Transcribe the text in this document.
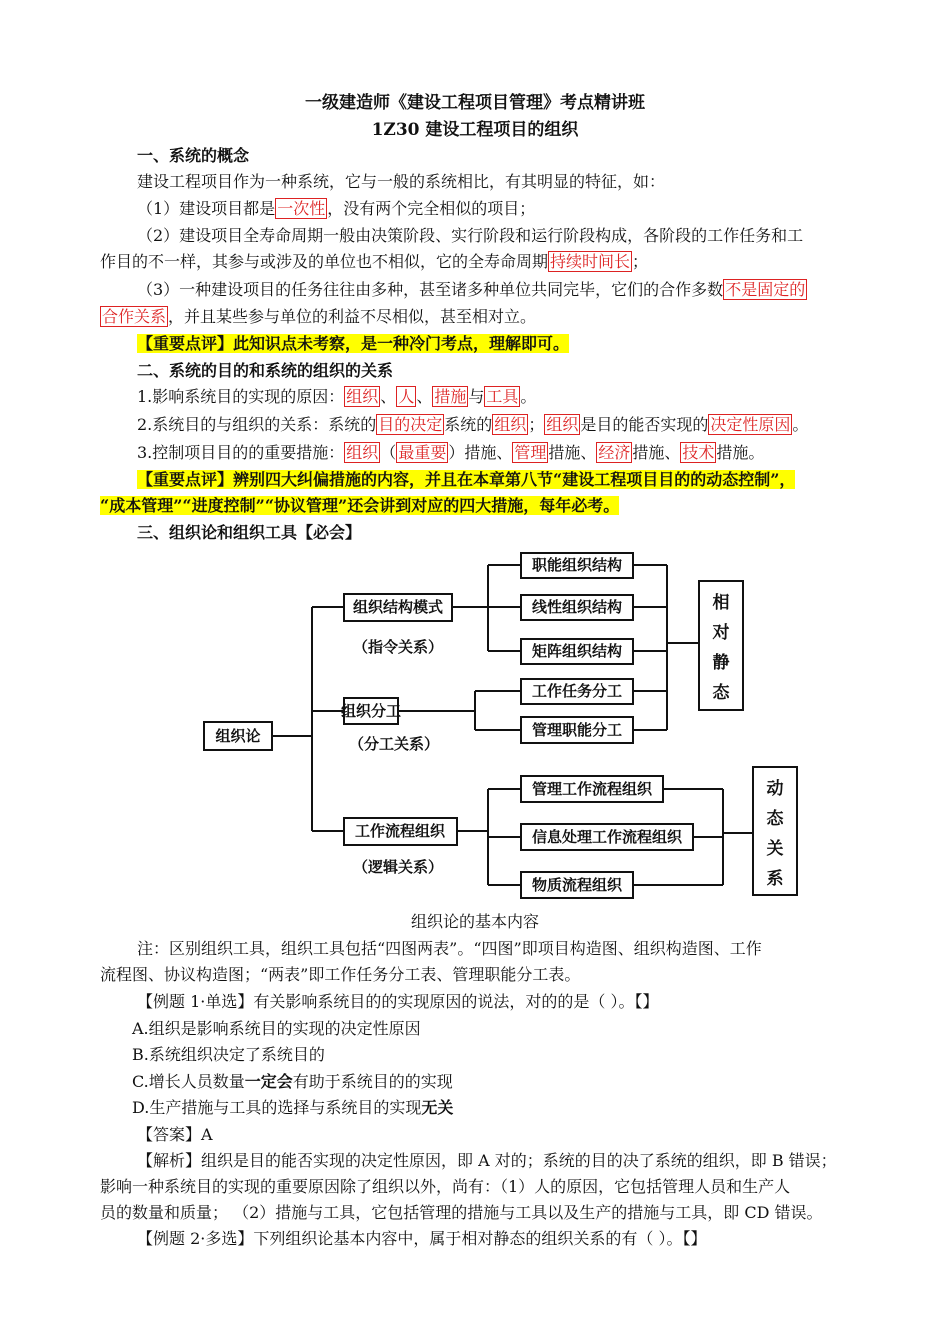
一级建造师《建设工程项目管理》考点精讲班
1Z30 建设工程项目的组织
一、系统的概念
建设工程项目作为一种系统，它与一般的系统相比，有其明显的特征，如：
（1）建设项目都是 一次性 ，没有两个完全相似的项目；
（2）建设项目全寿命周期一般由决策阶段、实行阶段和运行阶段构成，各阶段的工作任务和工
作目的不一样，其参与或涉及的单位也不相似，它的全寿命周期 持续时间长 ；
（3）一种建设项目的任务往往由多种，甚至诸多种单位共同完毕，它们的合作多数 不是固定的
合作关系 ，并且某些参与单位的利益不尽相似，甚至相对立。
【重要点评】此知识点未考察，是一种冷门考点，理解即可。
二、系统的目的和系统的组织的关系
1.影响系统目的实现的原因： 组织 、 人 、 措施 与 工具 。
2.系统目的与组织的关系：系统的 目的决定 系统的 组织 ； 组织 是目的能否实现的 决定性原因 。
3.控制项目目的的重要措施： 组织 （ 最重要 ）措施、 管理 措施、 经济 措施、 技术 措施。
【重要点评】辨别四大纠偏措施的内容，并且在本章第八节“建设工程项目目的的动态控制”，
“成本管理”“进度控制”“协议管理”还会讲到对应的四大措施，每年必考。
三、组织论和组织工具【必会】
组织论
组织结构模式
（指令关系）
组织分工
（分工关系）
工作流程组织
（逻辑关系）
职能组织结构
线性组织结构
矩阵组织结构
工作任务分工
管理职能分工
管理工作流程组织
信息处理工作流程组织
物质流程组织
相
对
静
态
动
态
关
系
组织论的基本内容
注：区别组织工具，组织工具包括“四图两表”。“四图”即项目构造图、组织构造图、工作
流程图、协议构造图；“两表”即工作任务分工表、管理职能分工表。
【例题 1·单选】有关影响系统目的的实现原因的说法，对的的是（ ）。【】
A.组织是影响系统目的实现的决定性原因
B.系统组织决定了系统目的
C.增长人员数量一定会有助于系统目的的实现
D.生产措施与工具的选择与系统目的实现无关
【答案】A
【解析】组织是目的能否实现的决定性原因，即 A 对的；系统的目的决了系统的组织，即 B 错误；
影响一种系统目的实现的重要原因除了组织以外，尚有：（1）人的原因，它包括管理人员和生产人
员的数量和质量； （2）措施与工具，它包括管理的措施与工具以及生产的措施与工具，即 CD 错误。
【例题 2·多选】下列组织论基本内容中，属于相对静态的组织关系的有（ ）。【】
